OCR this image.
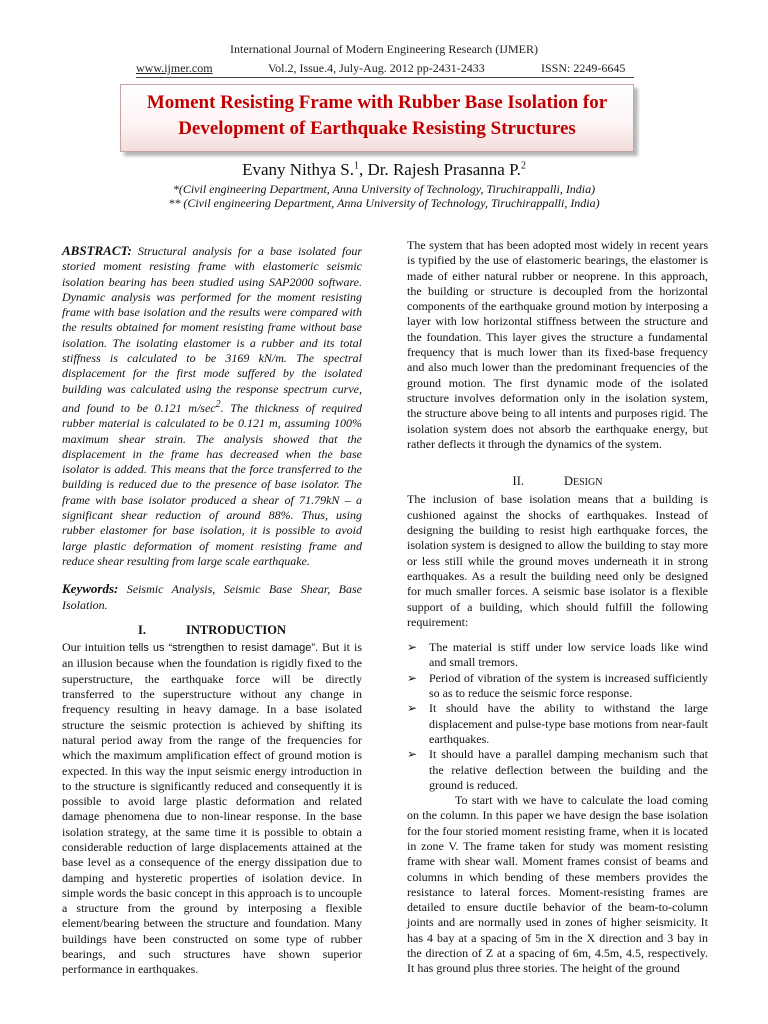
International Journal of Modern Engineering Research (IJMER)
www.ijmer.com	Vol.2, Issue.4, July-Aug. 2012 pp-2431-2433	ISSN: 2249-6645
Moment Resisting Frame with Rubber Base Isolation for
Development of Earthquake Resisting Structures
Evany Nithya S.$^1$, Dr. Rajesh Prasanna P.$^2$
*(Civil engineering Department, Anna University of Technology, Tiruchirappalli, India)
** (Civil engineering Department, Anna University of Technology, Tiruchirappalli, India)

ABSTRACT: Structural analysis for a base isolated four storied moment resisting frame with elastomeric seismic isolation bearing has been studied using SAP2000 software. Dynamic analysis was performed for the moment resisting frame with base isolation and the results were compared with the results obtained for moment resisting frame without base isolation. The isolating elastomer is a rubber and its total stiffness is calculated to be 3169 kN/m. The spectral displacement for the first mode suffered by the isolated building was calculated using the response spectrum curve, and found to be 0.121 $m/\sec^2$. The thickness of required rubber material is calculated to be 0.121 m, assuming 100% maximum shear strain. The analysis showed that the displacement in the frame has decreased when the base isolator is added. This means that the force transferred to the building is reduced due to the presence of base isolator. The frame with base isolator produced a shear of 71.79kN – a significant shear reduction of around 88%. Thus, using rubber elastomer for base isolation, it is possible to avoid large plastic deformation of moment resisting frame and reduce shear resulting from large scale earthquake.

Keywords: Seismic Analysis, Seismic Base Shear, Base Isolation.

I.	INTRODUCTION

Our intuition tells us “strengthen to resist damage”. But it is an illusion because when the foundation is rigidly fixed to the superstructure, the earthquake force will be directly transferred to the superstructure without any change in frequency resulting in heavy damage. In a base isolated structure the seismic protection is achieved by shifting its natural period away from the range of the frequencies for which the maximum amplification effect of ground motion is expected. In this way the input seismic energy introduction in to the structure is significantly reduced and consequently it is possible to avoid large plastic deformation and related damage phenomena due to non-linear response. In the base isolation strategy, at the same time it is possible to obtain a considerable reduction of large displacements attained at the base level as a consequence of the energy dissipation due to damping and hysteretic properties of isolation device. In simple words the basic concept in this approach is to uncouple a structure from the ground by interposing a flexible element/bearing between the structure and foundation. Many buildings have been constructed on some type of rubber bearings, and such structures have shown superior performance in earthquakes.

The system that has been adopted most widely in recent years is typified by the use of elastomeric bearings, the elastomer is made of either natural rubber or neoprene. In this approach, the building or structure is decoupled from the horizontal components of the earthquake ground motion by interposing a layer with low horizontal stiffness between the structure and the foundation. This layer gives the structure a fundamental frequency that is much lower than its fixed-base frequency and also much lower than the predominant frequencies of the ground motion. The first dynamic mode of the isolated structure involves deformation only in the isolation system, the structure above being to all intents and purposes rigid. The isolation system does not absorb the earthquake energy, but rather deflects it through the dynamics of the system.

II.	DESIGN

The inclusion of base isolation means that a building is cushioned against the shocks of earthquakes. Instead of designing the building to resist high earthquake forces, the isolation system is designed to allow the building to stay more or less still while the ground moves underneath it in strong earthquakes. As a result the building need only be designed for much smaller forces. A seismic base isolator is a flexible support of a building, which should fulfill the following requirement:

➢ The material is stiff under low service loads like wind and small tremors.
➢ Period of vibration of the system is increased sufficiently so as to reduce the seismic force response.
➢ It should have the ability to withstand the large displacement and pulse-type base motions from near-fault earthquakes.
➢ It should have a parallel damping mechanism such that the relative deflection between the building and the ground is reduced.

To start with we have to calculate the load coming on the column. In this paper we have design the base isolation for the four storied moment resisting frame, when it is located in zone V. The frame taken for study was moment resisting frame with shear wall. Moment frames consist of beams and columns in which bending of these members provides the resistance to lateral forces. Moment-resisting frames are detailed to ensure ductile behavior of the beam-to-column joints and are normally used in zones of higher seismicity. It has 4 bay at a spacing of 5m in the X direction and 3 bay in the direction of Z at a spacing of 6m, 4.5m, 4.5, respectively. It has ground plus three stories. The height of the ground
